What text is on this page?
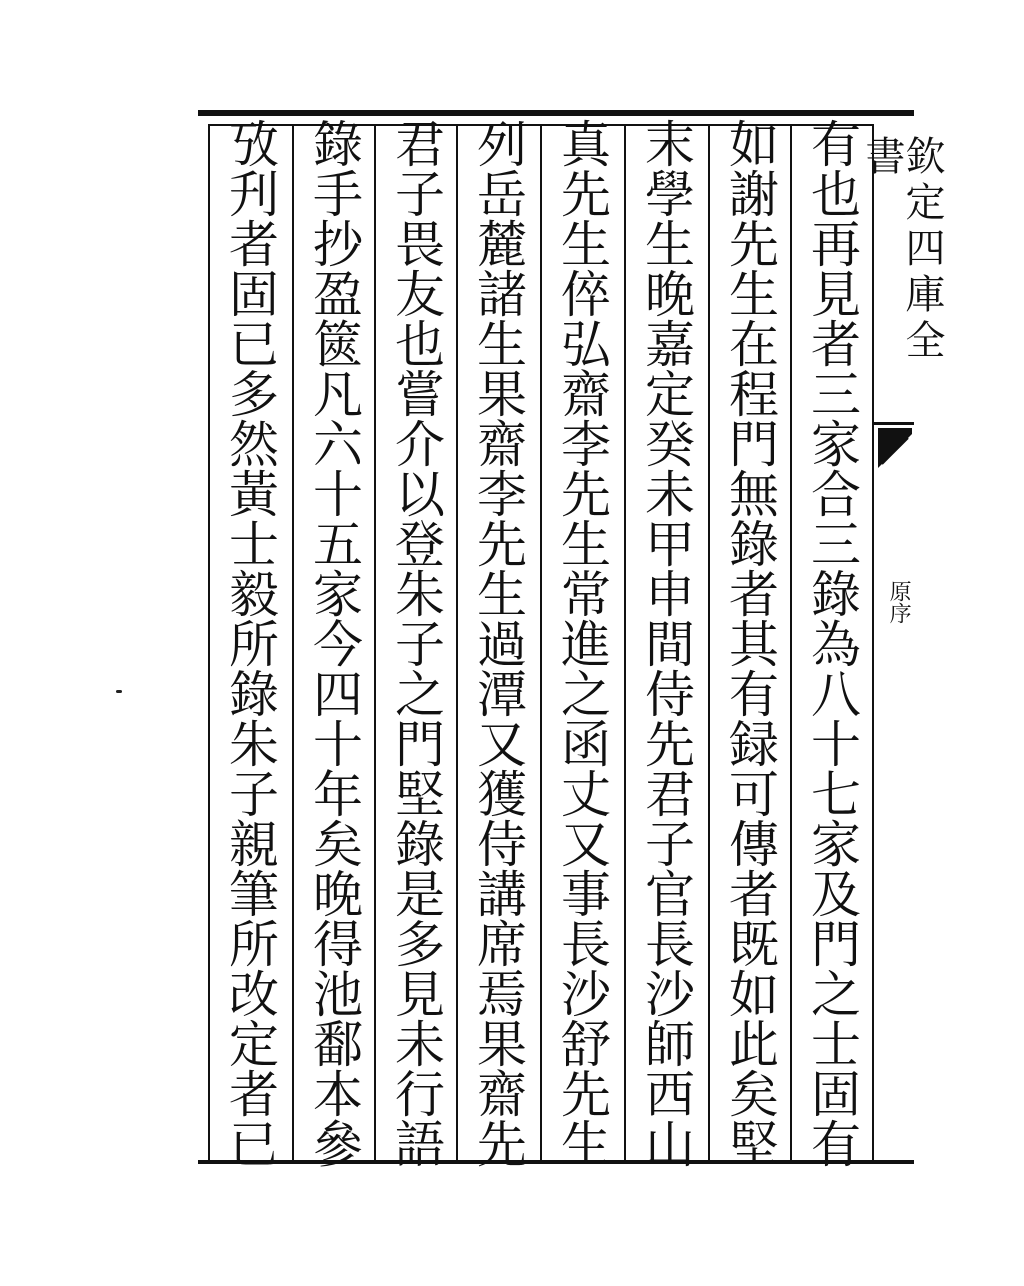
有也再見者三家合三錄為八十七家及門之士固有
如謝先生在程門無錄者其有録可傳者既如此矣堅
末學生晚嘉定癸未甲申間侍先君子官長沙師西山
真先生倅弘齋李先生常進之函丈又事長沙舒先生
列岳麓諸生果齋李先生過潭又獲侍講席焉果齋先
君子畏友也嘗介以登朱子之門堅錄是多見未行語
錄手抄盈篋凡六十五家今四十年矣晚得池鄱本參
攷刋者固已多然黃士毅所錄朱子親筆所改定者已	欽定四庫全書
原序
